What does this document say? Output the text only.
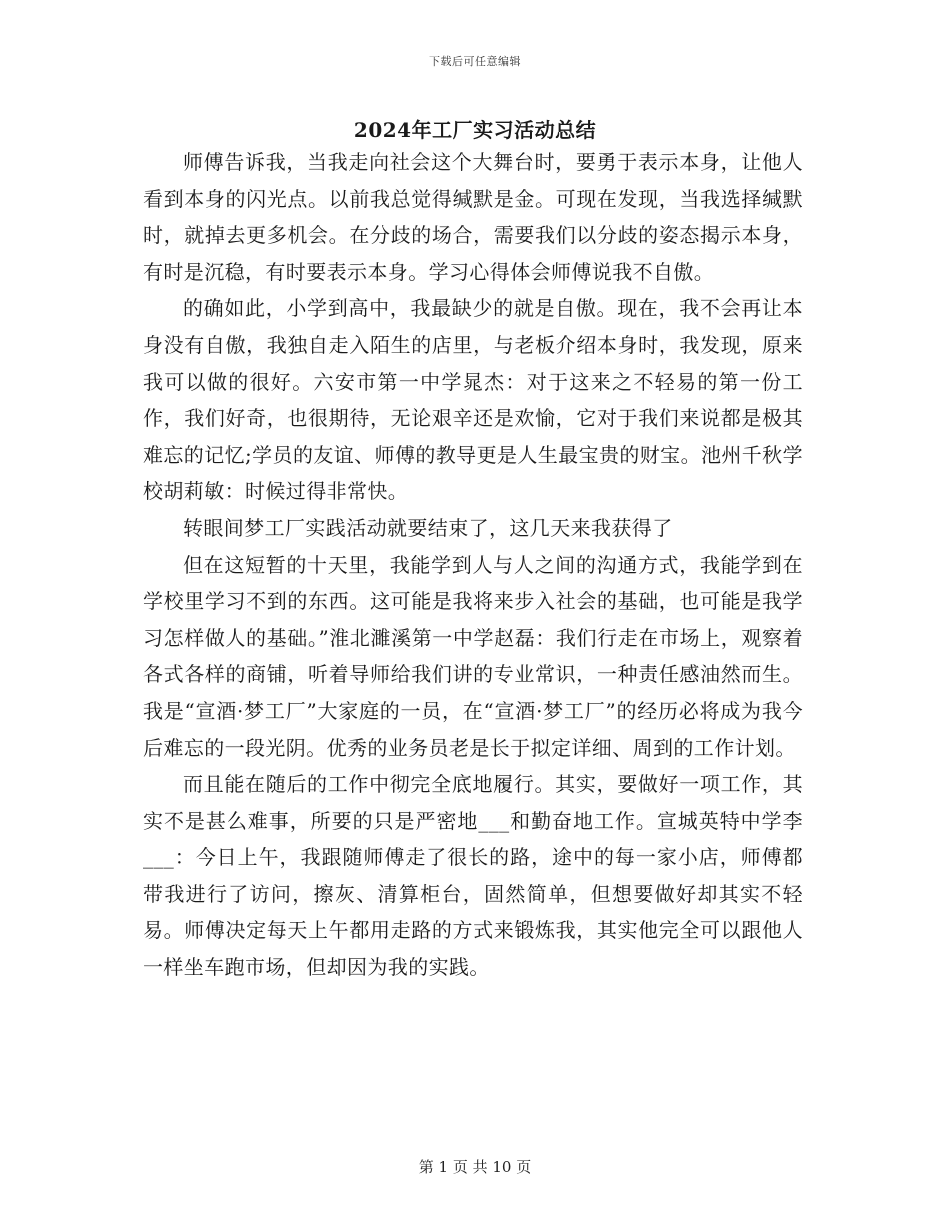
下载后可任意编辑
2024年工厂实习活动总结

师傅告诉我，当我走向社会这个大舞台时，要勇于表示本身，让他人看到本身的闪光点。以前我总觉得缄默是金。可现在发现，当我选择缄默时，就掉去更多机会。在分歧的场合，需要我们以分歧的姿态揭示本身，有时是沉稳，有时要表示本身。学习心得体会师傅说我不自傲。

的确如此，小学到高中，我最缺少的就是自傲。现在，我不会再让本身没有自傲，我独自走入陌生的店里，与老板介绍本身时，我发现，原来我可以做的很好。六安市第一中学晁杰：对于这来之不轻易的第一份工作，我们好奇，也很期待，无论艰辛还是欢愉，它对于我们来说都是极其难忘的记忆;学员的友谊、师傅的教导更是人生最宝贵的财宝。池州千秋学校胡莉敏：时候过得非常快。

转眼间梦工厂实践活动就要结束了，这几天来我获得了

但在这短暂的十天里，我能学到人与人之间的沟通方式，我能学到在学校里学习不到的东西。这可能是我将来步入社会的基础，也可能是我学习怎样做人的基础。”淮北濉溪第一中学赵磊：我们行走在市场上，观察着各式各样的商铺，听着导师给我们讲的专业常识，一种责任感油然而生。我是“宣酒·梦工厂”大家庭的一员，在“宣酒·梦工厂”的经历必将成为我今后难忘的一段光阴。优秀的业务员老是长于拟定详细、周到的工作计划。

而且能在随后的工作中彻完全底地履行。其实，要做好一项工作，其实不是甚么难事，所要的只是严密地___和勤奋地工作。宣城英特中学李___：今日上午，我跟随师傅走了很长的路，途中的每一家小店，师傅都带我进行了访问，擦灰、清算柜台，固然简单，但想要做好却其实不轻易。师傅决定每天上午都用走路的方式来锻炼我，其实他完全可以跟他人一样坐车跑市场，但却因为我的实践。

第 1 页 共 10 页
